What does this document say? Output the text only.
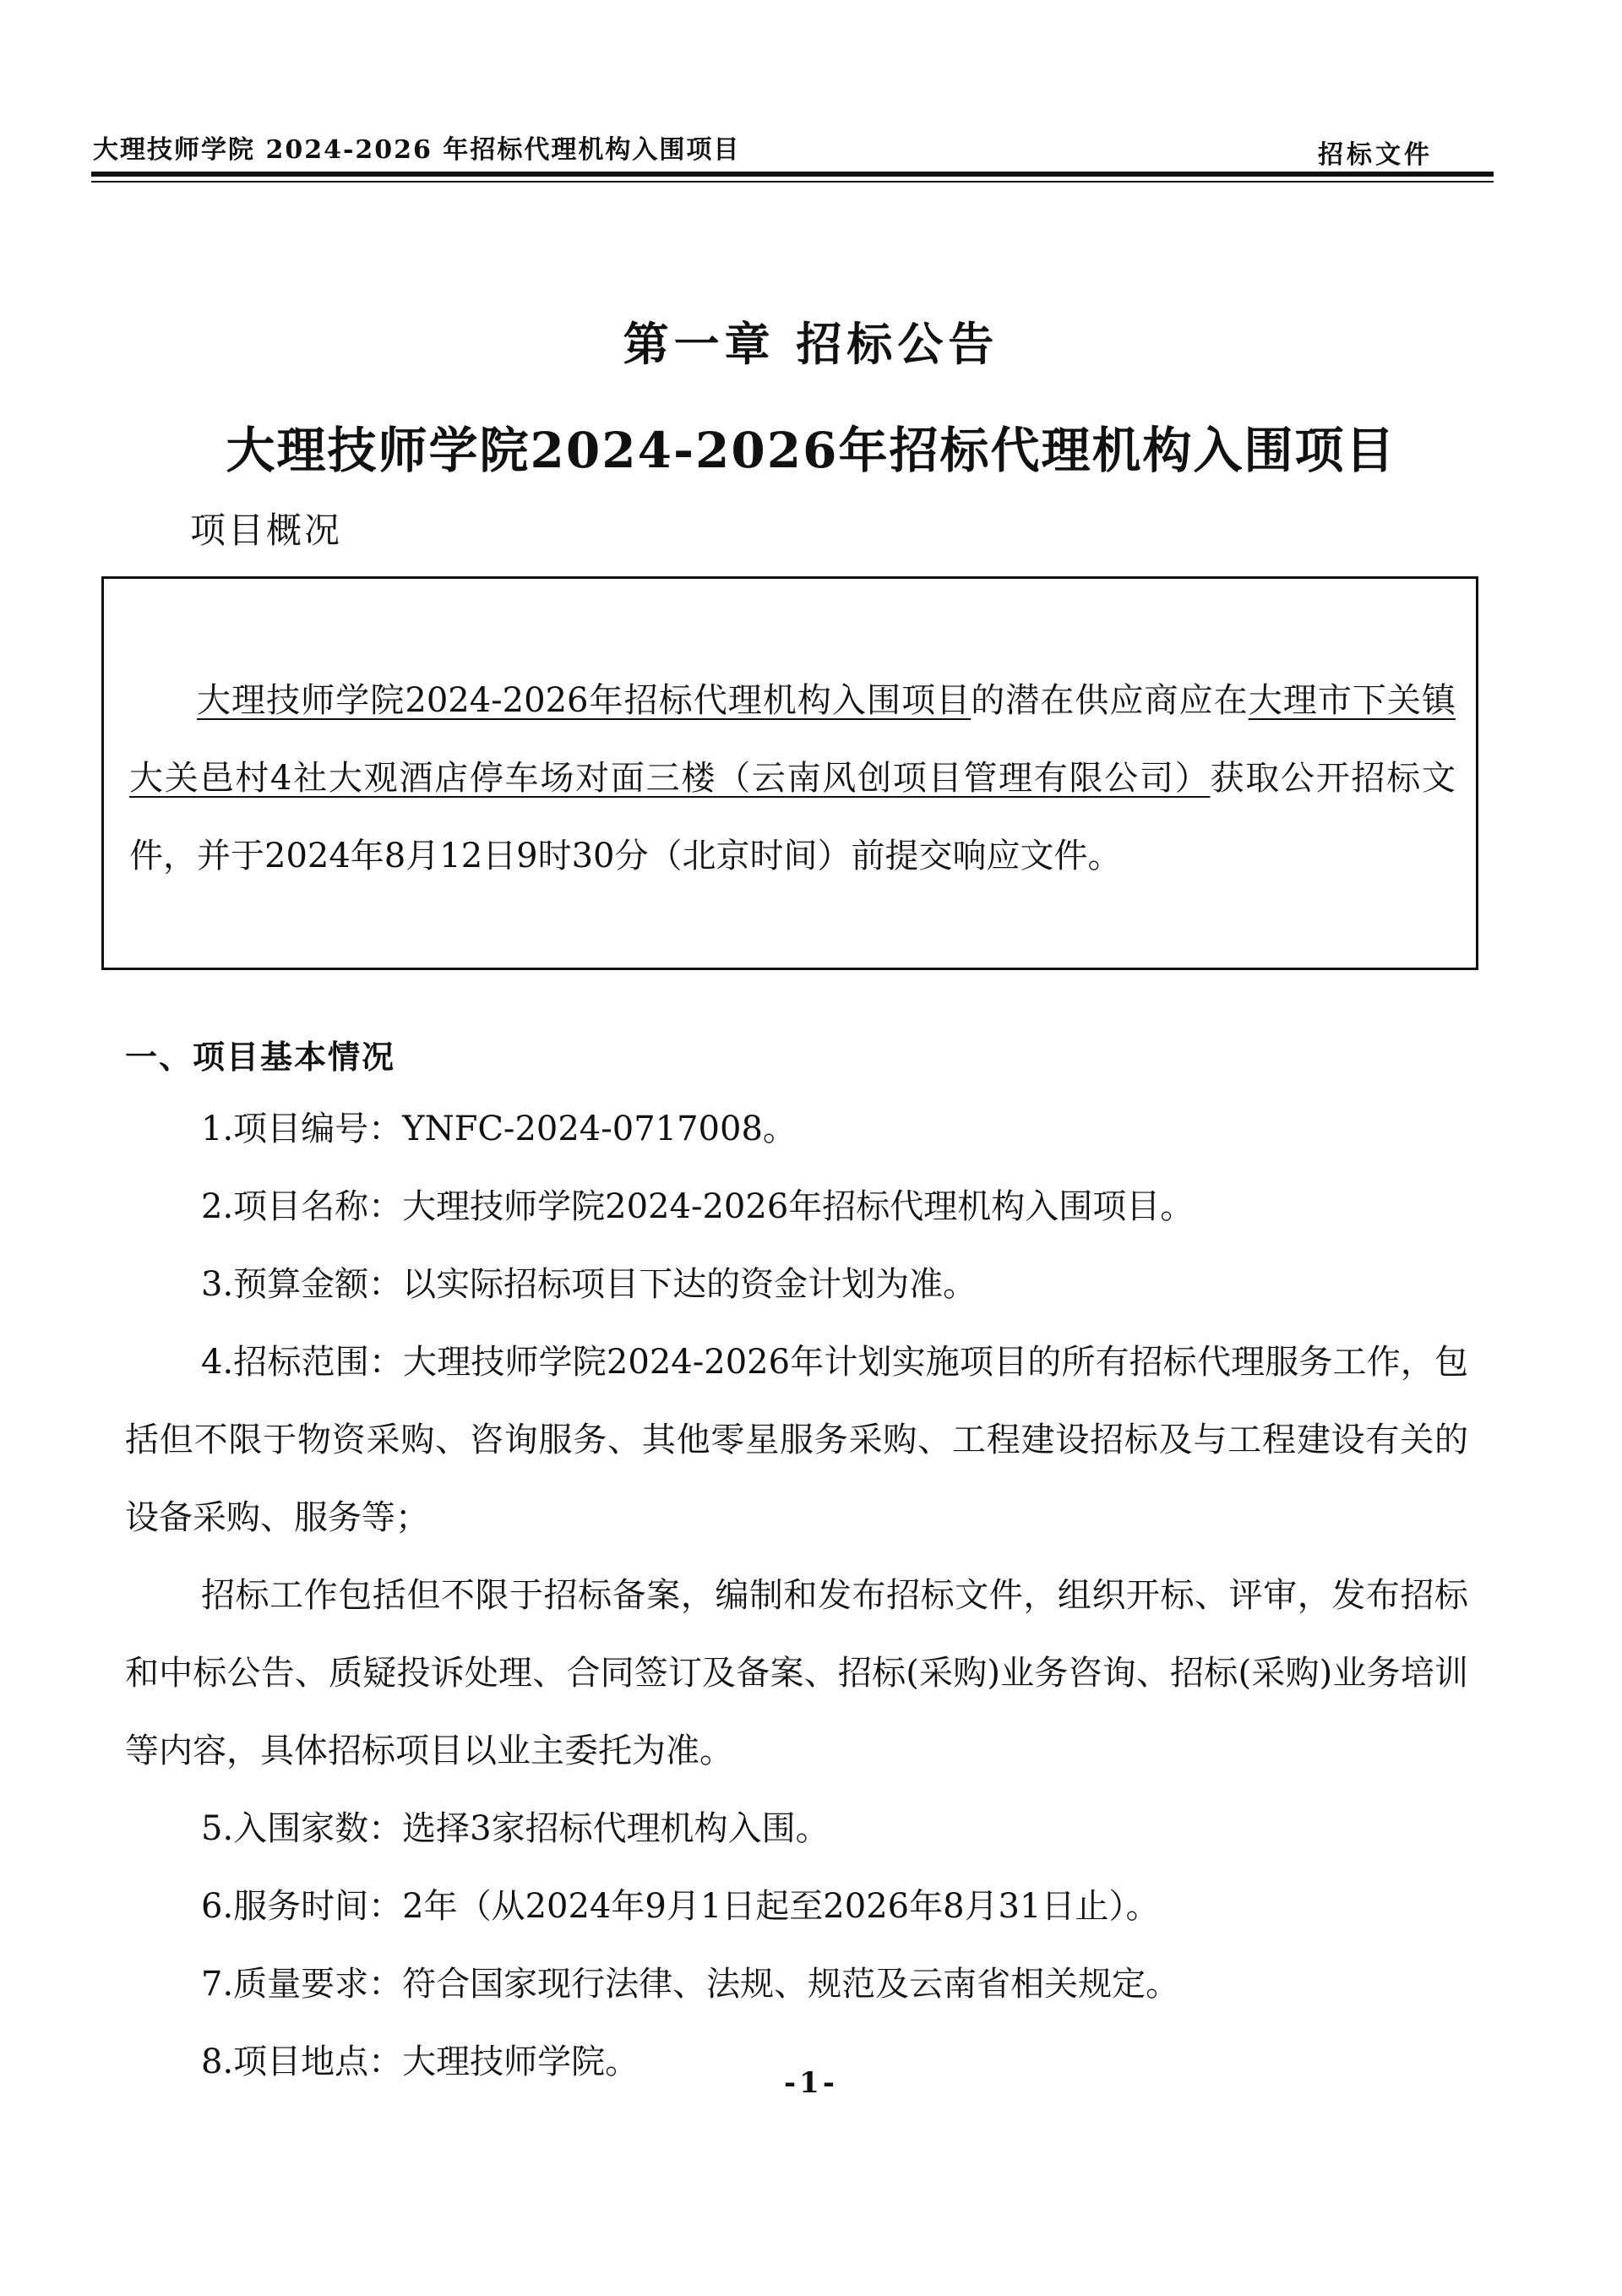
大理技师学院 2024-2026 年招标代理机构入围项目	招标文件
第一章 招标公告
大理技师学院2024-2026年招标代理机构入围项目
项目概况

大理技师学院2024-2026年招标代理机构入围项目的潜在供应商应在大理市下关镇大关邑村4社大观酒店停车场对面三楼（云南风创项目管理有限公司）获取公开招标文件，并于2024年8月12日9时30分（北京时间）前提交响应文件。

一、项目基本情况

1.项目编号：YNFC-2024-0717008。

2.项目名称：大理技师学院2024-2026年招标代理机构入围项目。

3.预算金额：以实际招标项目下达的资金计划为准。

4.招标范围：大理技师学院2024-2026年计划实施项目的所有招标代理服务工作，包括但不限于物资采购、咨询服务、其他零星服务采购、工程建设招标及与工程建设有关的设备采购、服务等；

招标工作包括但不限于招标备案，编制和发布招标文件，组织开标、评审，发布招标和中标公告、质疑投诉处理、合同签订及备案、招标(采购)业务咨询、招标(采购)业务培训等内容，具体招标项目以业主委托为准。

5.入围家数：选择3家招标代理机构入围。

6.服务时间：2年（从2024年9月1日起至2026年8月31日止）。

7.质量要求：符合国家现行法律、法规、规范及云南省相关规定。

8.项目地点：大理技师学院。

-1-
